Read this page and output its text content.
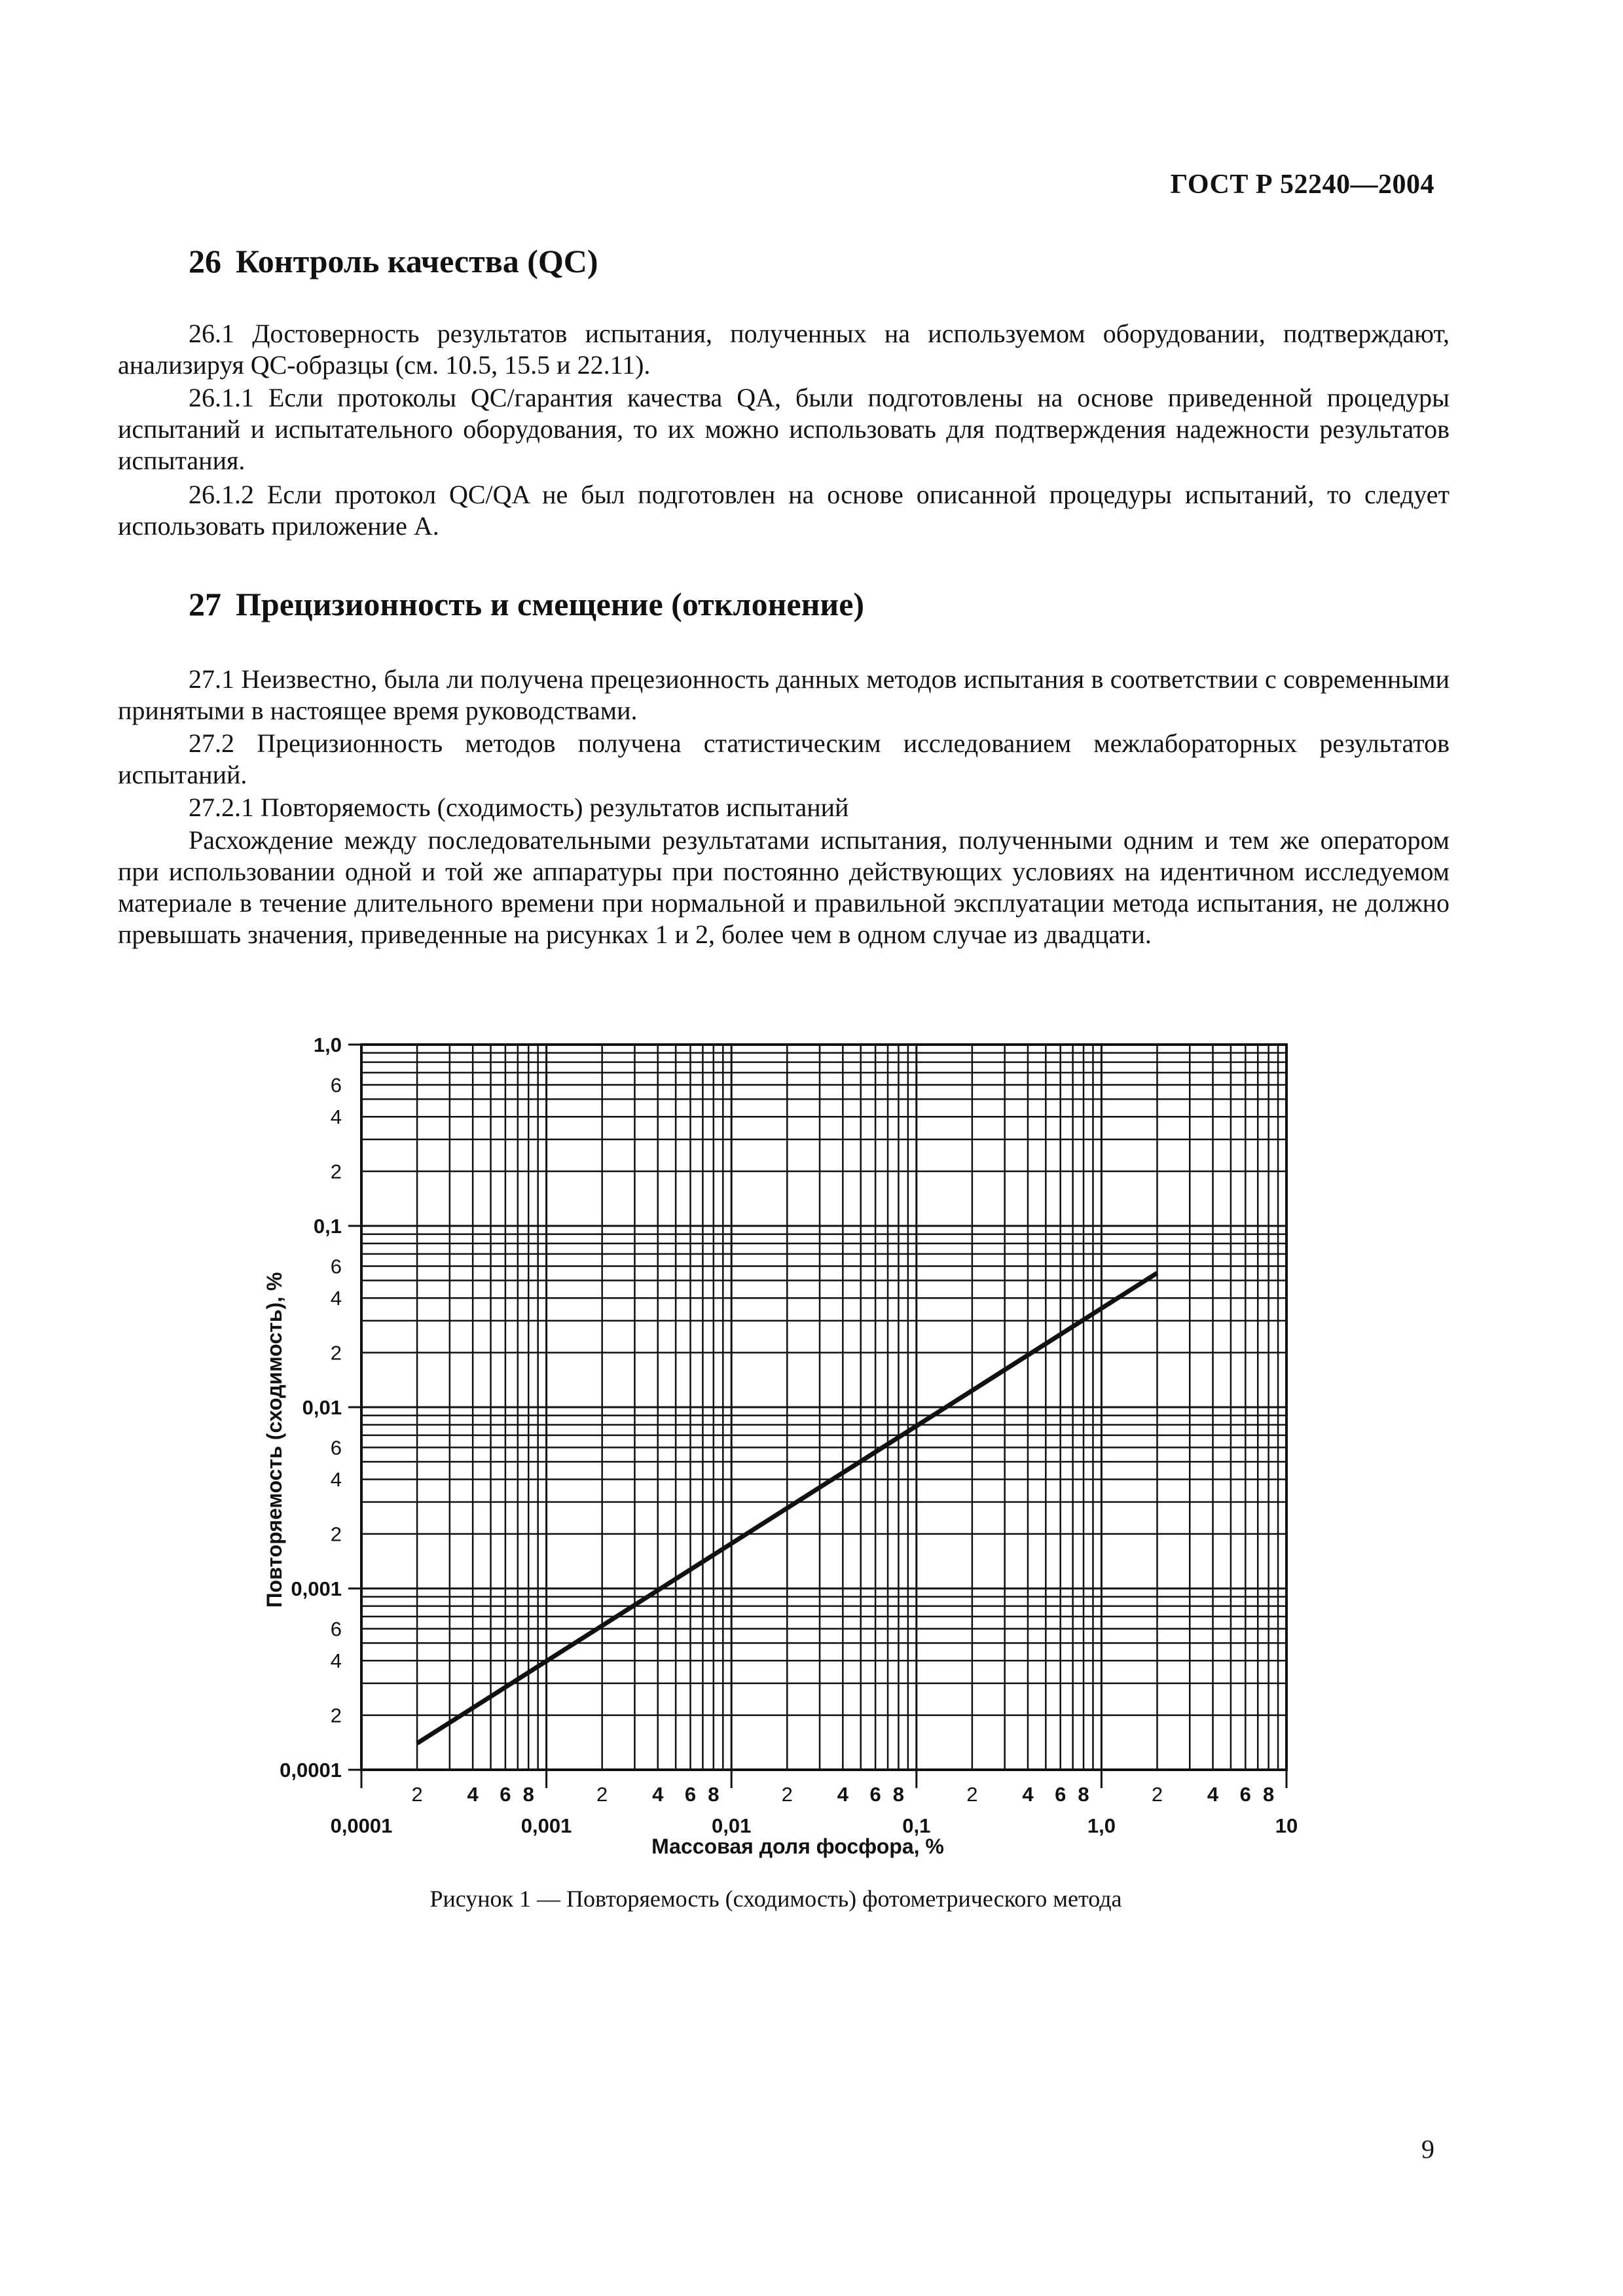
ГОСТ Р 52240—2004
26 Контроль качества (QC)

26.1 Достоверность результатов испытания, полученных на используемом оборудовании, подтверждают, анализируя QC-образцы (см. 10.5, 15.5 и 22.11).

26.1.1 Если протоколы QC/гарантия качества QA, были подготовлены на основе приведенной процедуры испытаний и испытательного оборудования, то их можно использовать для подтверждения надежности результатов испытания.

26.1.2 Если протокол QC/QA не был подготовлен на основе описанной процедуры испытаний, то следует использовать приложение А.

27 Прецизионность и смещение (отклонение)

27.1 Неизвестно, была ли получена прецезионность данных методов испытания в соответствии с современными принятыми в настоящее время руководствами.

27.2 Прецизионность методов получена статистическим исследованием межлабораторных результатов испытаний.

27.2.1 Повторяемость (сходимость) результатов испытаний

Расхождение между последовательными результатами испытания, полученными одним и тем же оператором при использовании одной и той же аппаратуры при постоянно действующих условиях на идентичном исследуемом материале в течение длительного времени при нормальной и правильной эксплуатации метода испытания, не должно превышать значения, приведенные на рисунках 1 и 2, более чем в одном случае из двадцати.

2 4 6 8	2 4 6 8	2 4 6 8	2 4 6 8	2 4 6 8
0,0001	0,001	0,01	0,1	1,0	10
2
4
6
2
4
6
2
4
6
2
4
6
0,0001
0,001
0,01
0,1
1,0
Массовая доля фосфора, %
Повторяемость (сходимость), %

Рисунок 1 — Повторяемость (сходимость) фотометрического метода

9
